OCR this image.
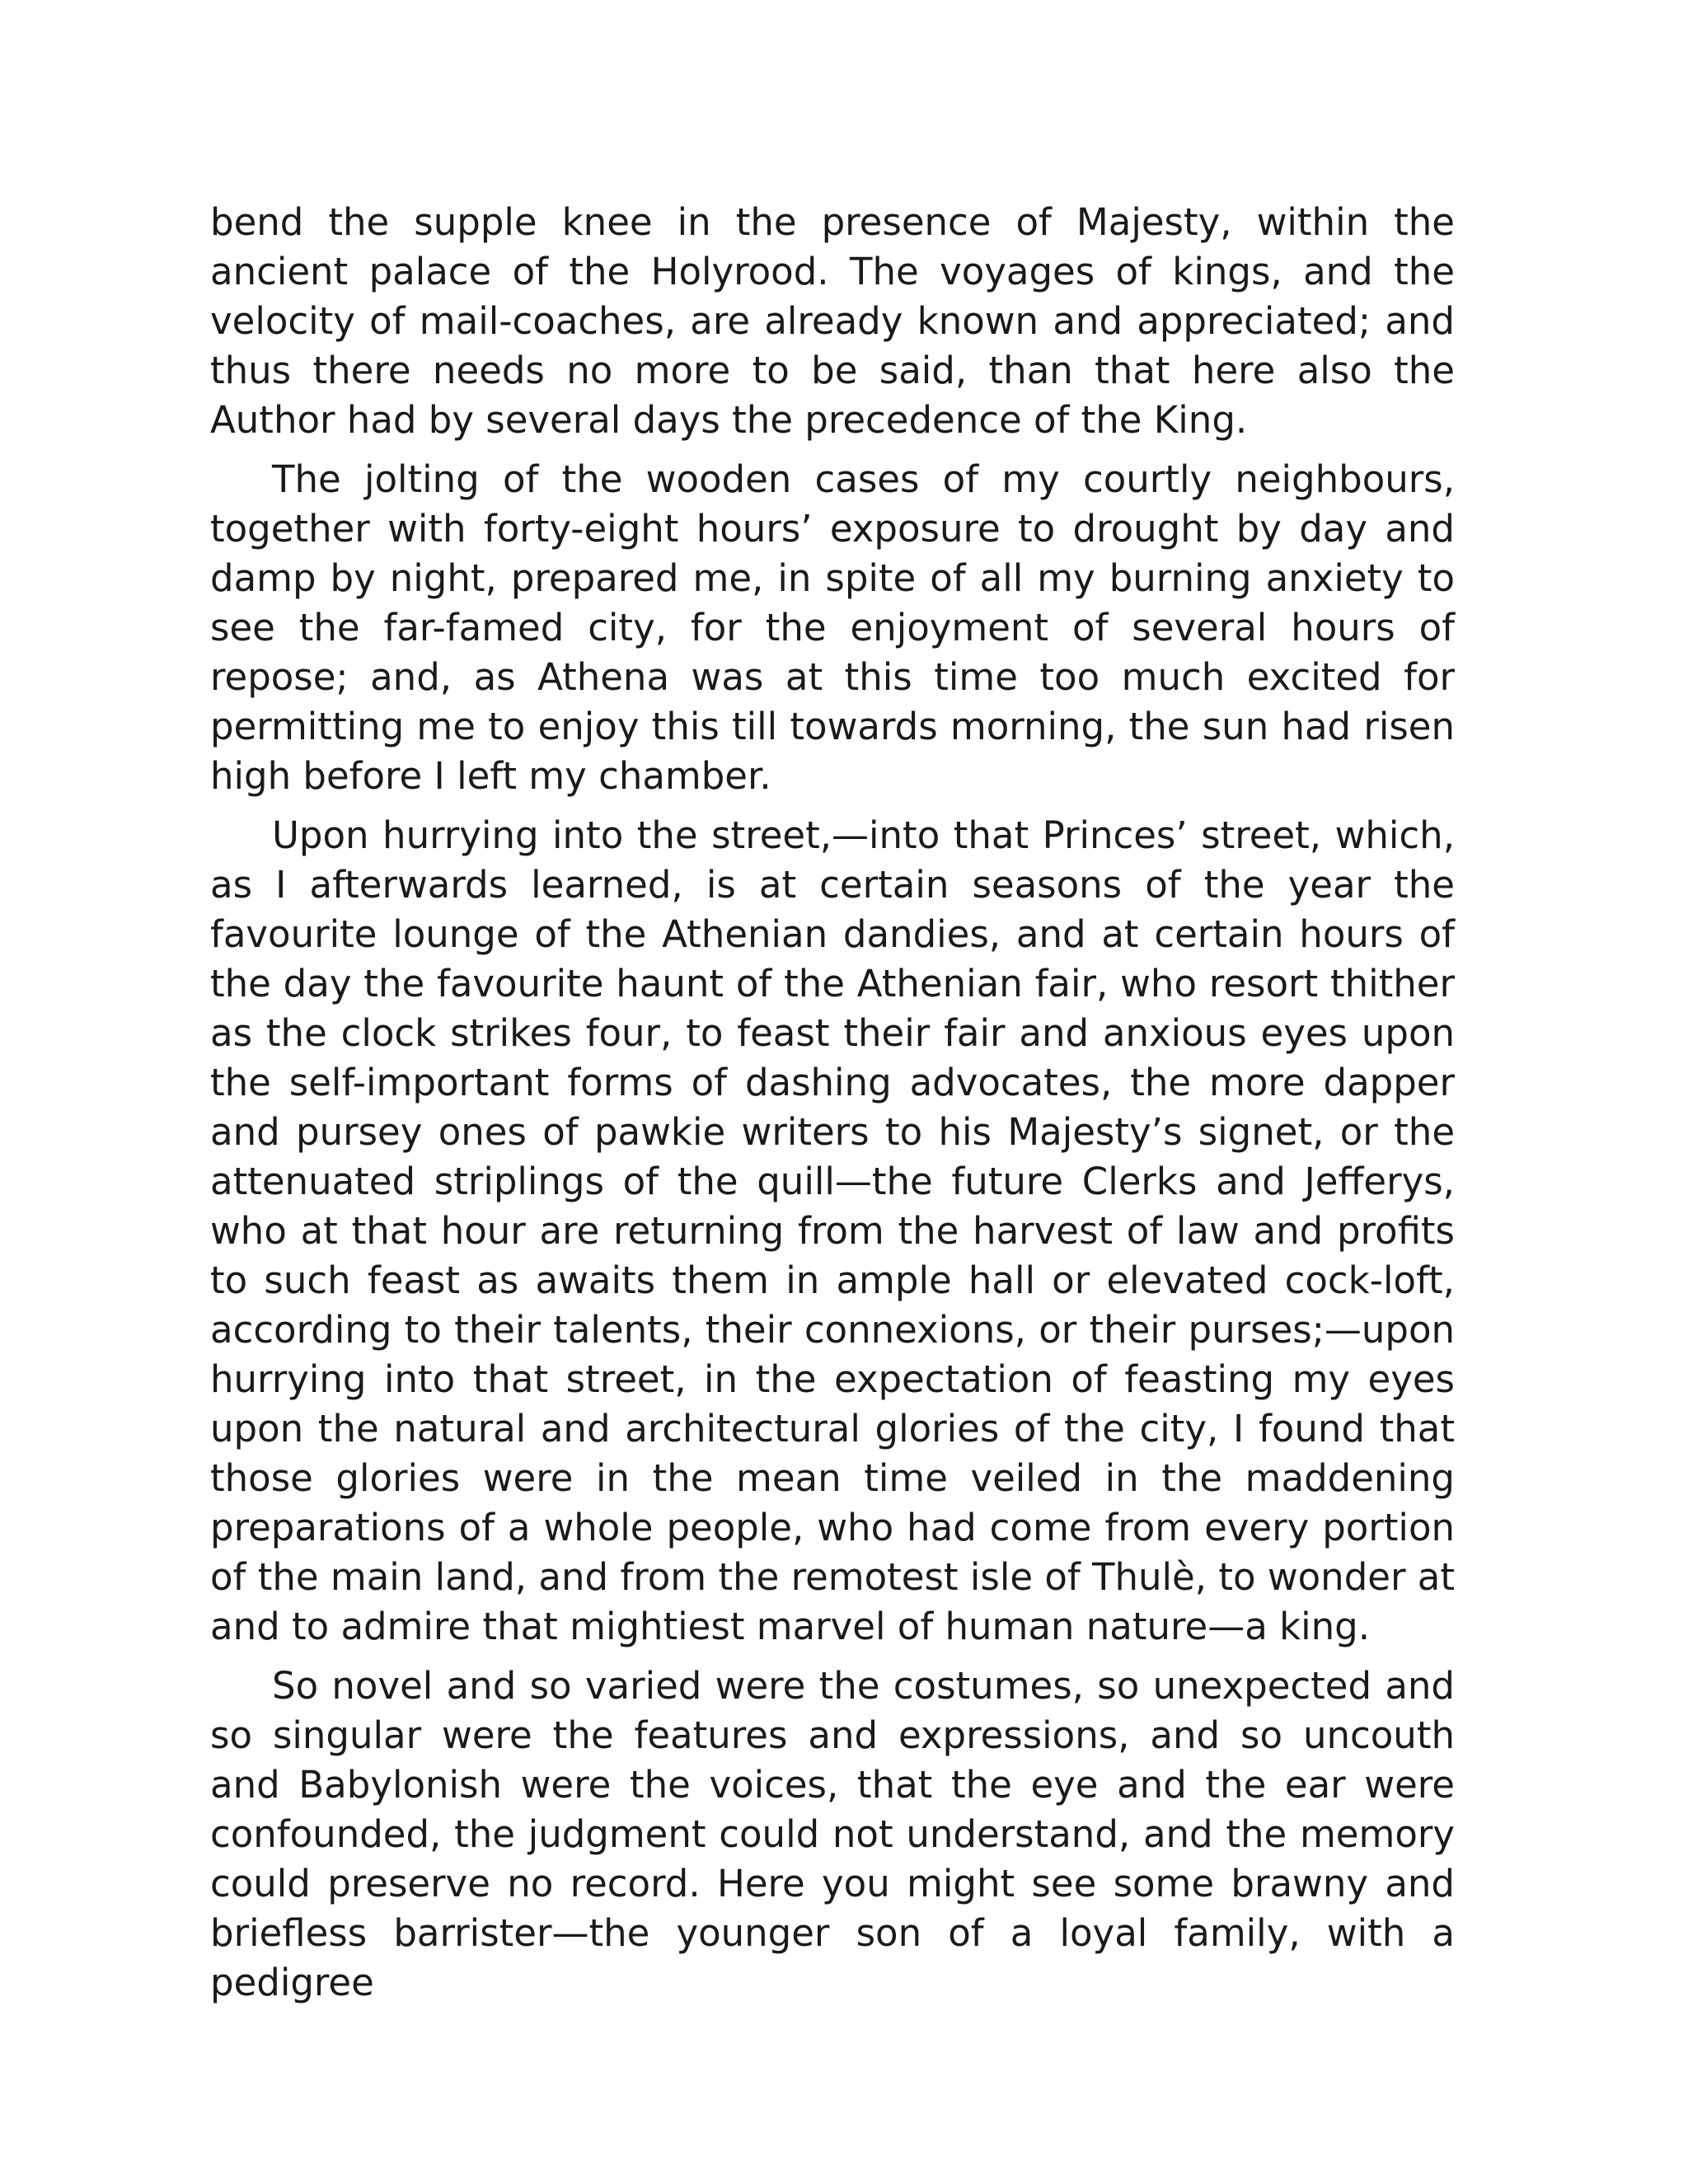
bend the supple knee in the presence of Majesty, within the ancient palace of the Holyrood. The voyages of kings, and the velocity of mail-coaches, are already known and appreciated; and thus there needs no more to be said, than that here also the Author had by several days the precedence of the King.

The jolting of the wooden cases of my courtly neighbours, together with forty-eight hours’ exposure to drought by day and damp by night, prepared me, in spite of all my burning anxiety to see the far-famed city, for the enjoyment of several hours of repose; and, as Athena was at this time too much excited for permitting me to enjoy this till towards morning, the sun had risen high before I left my chamber.

Upon hurrying into the street,—into that Princes’ street, which, as I afterwards learned, is at certain seasons of the year the favourite lounge of the Athenian dandies, and at certain hours of the day the favourite haunt of the Athenian fair, who resort thither as the clock strikes four, to feast their fair and anxious eyes upon the self-important forms of dashing advocates, the more dapper and pursey ones of pawkie writers to his Majesty’s signet, or the attenuated striplings of the quill—the future Clerks and Jefferys, who at that hour are returning from the harvest of law and profits to such feast as awaits them in ample hall or elevated cock-loft, according to their talents, their connexions, or their purses;—upon hurrying into that street, in the expectation of feasting my eyes upon the natural and architectural glories of the city, I found that those glories were in the mean time veiled in the maddening preparations of a whole people, who had come from every portion of the main land, and from the remotest isle of Thulè, to wonder at and to admire that mightiest marvel of human nature—a king.

So novel and so varied were the costumes, so unexpected and so singular were the features and expressions, and so uncouth and Babylonish were the voices, that the eye and the ear were confounded, the judgment could not understand, and the memory could preserve no record. Here you might see some brawny and briefless barrister—the younger son of a loyal family, with a pedigree
